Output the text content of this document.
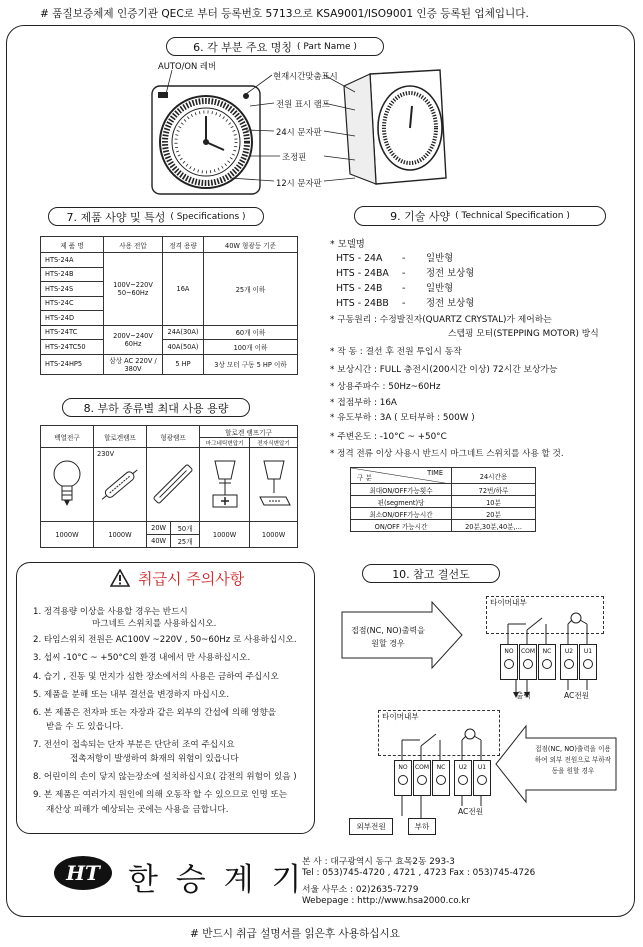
# 품질보증체제 인증기관 QEC로 부터 등록번호 5713으로 KSA9001/ISO9001 인증 등록된 업체입니다.
6. 각 부분 주요 명칭 ( Part Name )
AUTO/ON 레버
현재시간맞춤표시
전원 표시 램프
24시 문자판
조정핀
12시 문자판
7. 제품 사양 및 특성 ( Specifications )
제 품 명	사용 전압	정격 용량	40W 형광등 기준
HTS-24A	100V~220V 50~60Hz	16A	25개 이하
HTS-24B			
HTS-24S			
HTS-24C			
HTS-24D			
HTS-24TC	200V~240V 60Hz	24A(30A)	60개 이하
HTS-24TC50		40A(50A)	100개 이하
HTS-24HP5	삼상 AC 220V / 380V	5 HP	3상 모터 구동 5 HP 이하
8. 부하 종류별 최대 사용 용량
백열전구	할로겐램프	형광램프		할로겐 램프기구	
				마그네틱변압기	전자식변압기

230V

1000W	1000W	20W	50개	1000W	1000W
		40W	25개		
9. 기술 사양 ( Technical Specification )
* 모델명
HTS - 24A - 일반형
HTS - 24BA - 정전 보상형
HTS - 24B - 일반형
HTS - 24BB - 정전 보상형
* 구동원리 : 수정발진자(QUARTZ CRYSTAL)가 제어하는
스텝핑 모터(STEPPING MOTOR) 방식
* 작 동 : 결선 후 전원 투입시 동작
* 보상시간 : FULL 충전시(200시간 이상) 72시간 보상가능
* 상용주파수 : 50Hz~60Hz
* 접점부하 : 16A
* 유도부하 : 3A ( 모터부하 : 500W )
* 주변온도 : -10°C ~ +50°C
* 정격 전류 이상 사용시 반드시 마그네트 스위치를 사용 할 것.
TIME
구 분	24시간용
최대ON/OFF가능횟수	72번/하루
핀(segment)당	10분
최소ON/OFF가능시간	20분
ON/OFF 가능시간	20분,30분,40분,...
취급시 주의사항
1. 정격용량 이상을 사용할 경우는 반드시
마그네트 스위치를 사용하십시오.
2. 타임스위치 전원은 AC100V ~220V , 50~60Hz 로 사용하십시오.
3. 섭씨 -10°C ~ +50°C의 환경 내에서 만 사용하십시오.
4. 습기 , 진동 및 먼지가 심한 장소에서의 사용은 금하여 주십시오
5. 제품을 분해 또는 내부 결선을 변경하지 마십시오.
6. 본 제품은 전자파 또는 자장과 같은 외부의 간섭에 의해 영향을
받을 수 도 있읍니다.
7. 전선이 접속되는 단자 부분은 단단히 조여 주십시요
접촉저항이 발생하여 화재의 위험이 있읍니다
8. 어린이의 손이 닿지 않는장소에 설치하십시요( 감전의 위험이 있음 )
9. 본 제품은 여러가지 원인에 의해 오동작 할 수 있으므로 인명 또는
재산상 피해가 예상되는 곳에는 사용을 금합니다.
10. 참고 결선도
접점(NC, NO)출력을 원할 경우
타이머내부
NO	COM	NC	U2	U1
출력	AC전원
접점(NC, NO)출력을 이용하여 외부 전원으로 부하작동을 원할 경우
타이머내부
NO	COM	NC	U2	U1
AC전원
외부전원	부하
HT 한 승 계 기
본 사 : 대구광역시 동구 효목2동 293-3
Tel : 053)745-4720 , 4721 , 4723 Fax : 053)745-4726
서울 사무소 : 02)2635-7279
Webepage : http://www.hsa2000.co.kr
# 반드시 취급 설명서를 읽은후 사용하십시요
